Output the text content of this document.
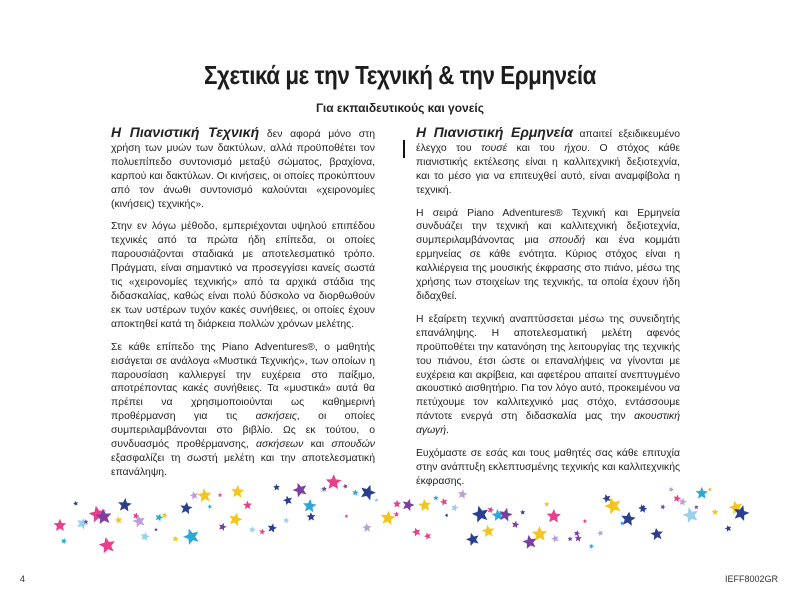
Σχετικά με την Τεχνική & την Ερμηνεία
Για εκπαιδευτικούς και γονείς

Η Πιανιστική Τεχνική δεν αφορά μόνο στη χρήση των μυών των δακτύλων, αλλά προϋποθέτει τον πολυεπίπεδο συντονισμό μεταξύ σώματος, βραχίονα, καρπού και δακτύλων. Οι κινήσεις, οι οποίες προκύπτουν από τον άνωθι συντονισμό καλούνται «χειρονομίες (κινήσεις) τεχνικής».

Στην εν λόγω μέθοδο, εμπεριέχονται υψηλού επιπέδου τεχνικές από τα πρώτα ήδη επίπεδα, οι οποίες παρουσιάζονται σταδιακά με αποτελεσματικό τρόπο. Πράγματι, είναι σημαντικό να προσεγγίσει κανείς σωστά τις «χειρονομίες τεχνικής» από τα αρχικά στάδια της διδασκαλίας, καθώς είναι πολύ δύσκολο να διορθωθούν εκ των υστέρων τυχόν κακές συνήθειες, οι οποίες έχουν αποκτηθεί κατά τη διάρκεια πολλών χρόνων μελέτης.

Σε κάθε επίπεδο της Piano Adventures®, ο μαθητής εισάγεται σε ανάλογα «Μυστικά Τεχνικής», των οποίων η παρουσίαση καλλιεργεί την ευχέρεια στο παίξιμο, αποτρέποντας κακές συνήθειες. Τα «μυστικά» αυτά θα πρέπει να χρησιμοποιούνται ως καθημερινή προθέρμανση για τις ασκήσεις, οι οποίες συμπεριλαμβάνονται στο βιβλίο. Ως εκ τούτου, ο συνδυασμός προθέρμανσης, ασκήσεων και σπουδών εξασφαλίζει τη σωστή μελέτη και την αποτελεσματική επανάληψη.

Η Πιανιστική Ερμηνεία απαιτεί εξειδικευμένο έλεγχο του τουσέ και του ήχου. Ο στόχος κάθε πιανιστικής εκτέλεσης είναι η καλλιτεχνική δεξιοτεχνία, και το μέσο για να επιτευχθεί αυτό, είναι αναμφίβολα η τεχνική.

Η σειρά Piano Adventures® Τεχνική και Ερμηνεία συνδυάζει την τεχνική και καλλιτεχνική δεξιοτεχνία, συμπεριλαμβάνοντας μια σπουδή και ένα κομμάτι ερμηνείας σε κάθε ενότητα. Κύριος στόχος είναι η καλλιέργεια της μουσικής έκφρασης στο πιάνο, μέσω της χρήσης των στοιχείων της τεχνικής, τα οποία έχουν ήδη διδαχθεί.

Η εξαίρετη τεχνική αναπτύσσεται μέσω της συνειδητής επανάληψης. Η αποτελεσματική μελέτη αφενός προϋποθέτει την κατανόηση της λειτουργίας της τεχνικής του πιάνου, έτσι ώστε οι επαναλήψεις να γίνονται με ευχέρεια και ακρίβεια, και αφετέρου απαιτεί ανεπτυγμένο ακουστικό αισθητήριο. Για τον λόγο αυτό, προκειμένου να πετύχουμε τον καλλιτεχνικό μας στόχο, εντάσσουμε πάντοτε ενεργά στη διδασκαλία μας την ακουστική αγωγή.

Ευχόμαστε σε εσάς και τους μαθητές σας κάθε επιτυχία στην ανάπτυξη εκλεπτυσμένης τεχνικής και καλλιτεχνικής έκφρασης.

4	IEFF8002GR
